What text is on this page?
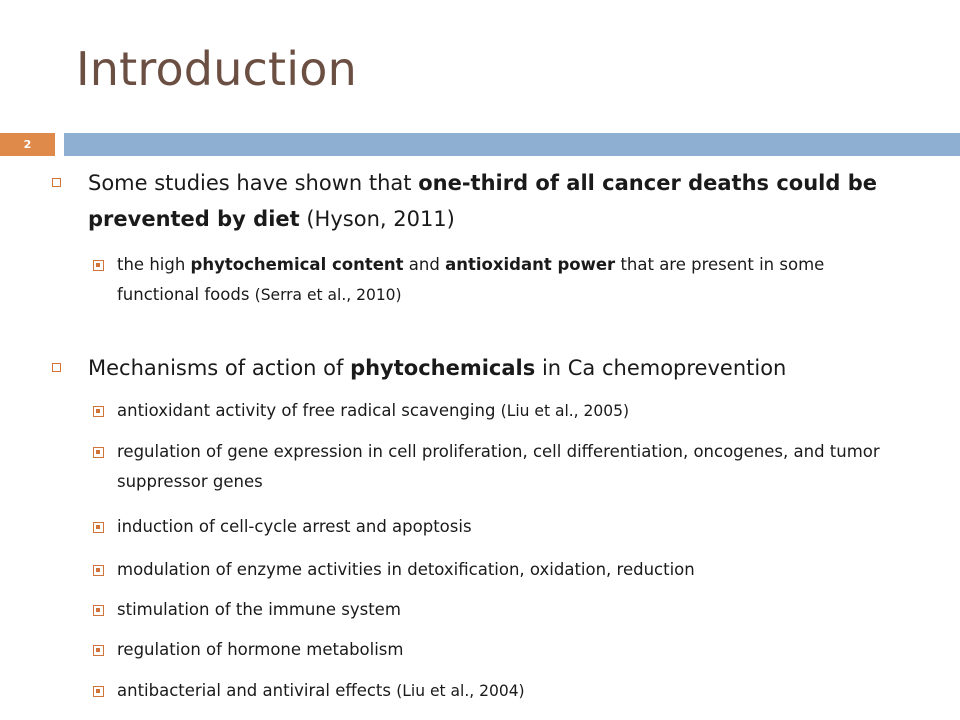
Introduction
2
Some studies have shown that one-third of all cancer deaths could be prevented by diet (Hyson, 2011)
the high phytochemical content and antioxidant power that are present in some functional foods (Serra et al., 2010)
Mechanisms of action of phytochemicals in Ca chemoprevention
antioxidant activity of free radical scavenging (Liu et al., 2005)
regulation of gene expression in cell proliferation, cell differentiation, oncogenes, and tumor suppressor genes
induction of cell-cycle arrest and apoptosis
modulation of enzyme activities in detoxification, oxidation, reduction
stimulation of the immune system
regulation of hormone metabolism
antibacterial and antiviral effects (Liu et al., 2004)
